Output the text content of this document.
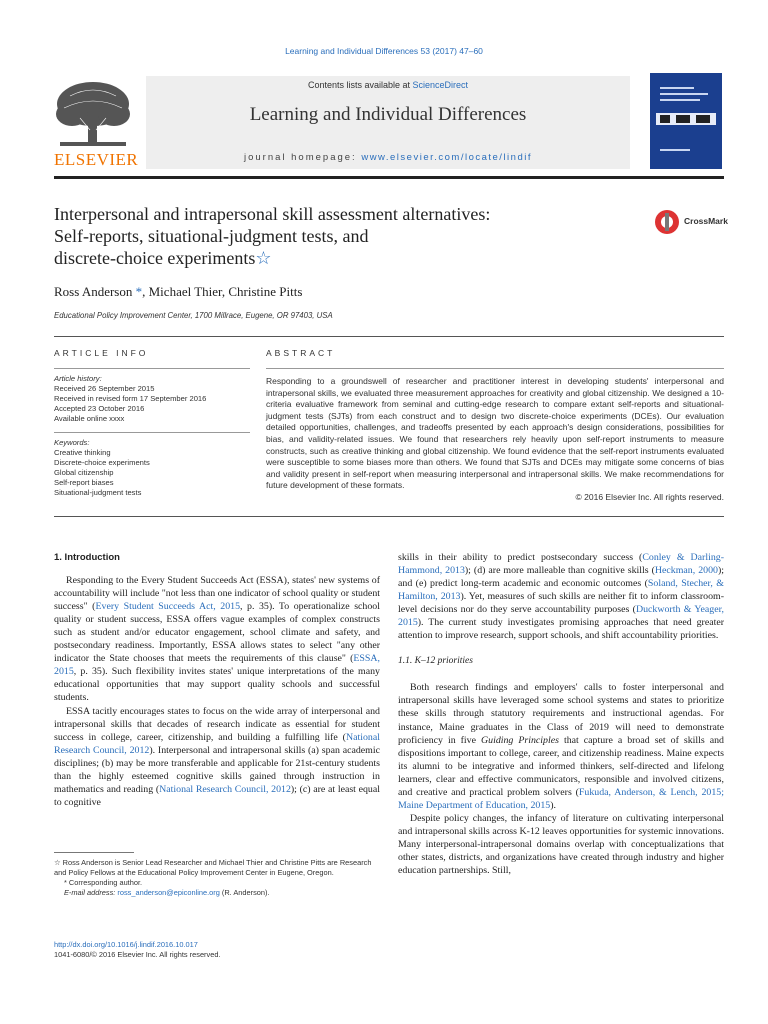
Learning and Individual Differences 53 (2017) 47–60
ELSEVIER
Contents lists available at ScienceDirect
Learning and Individual Differences
journal homepage: www.elsevier.com/locate/lindif
Interpersonal and intrapersonal skill assessment alternatives:
Self-reports, situational-judgment tests, and
discrete-choice experiments☆
CrossMark
Ross Anderson *, Michael Thier, Christine Pitts
Educational Policy Improvement Center, 1700 Millrace, Eugene, OR 97403, USA
ARTICLE INFO
Article history:
Received 26 September 2015
Received in revised form 17 September 2016
Accepted 23 October 2016
Available online xxxx
Keywords:
Creative thinking
Discrete-choice experiments
Global citizenship
Self-report biases
Situational-judgment tests
ABSTRACT
Responding to a groundswell of researcher and practitioner interest in developing students' interpersonal and intrapersonal skills, we evaluated three measurement approaches for creativity and global citizenship. We designed a 10-criteria evaluative framework from seminal and cutting-edge research to compare extant self-reports and situational-judgment tests (SJTs) from each construct and to design two discrete-choice experiments (DCEs). Our evaluation detailed opportunities, challenges, and tradeoffs presented by each approach's design considerations, possibilities for bias, and validity-related issues. We found that researchers rely heavily upon self-report instruments to measure constructs, such as creative thinking and global citizenship. We found evidence that the self-report instruments evaluated were susceptible to some biases more than others. We found that SJTs and DCEs may mitigate some concerns of bias and validity present in self-report when measuring interpersonal and intrapersonal skills. We make recommendations for future development of these formats.
© 2016 Elsevier Inc. All rights reserved.
1. Introduction

Responding to the Every Student Succeeds Act (ESSA), states' new systems of accountability will include "not less than one indicator of school quality or student success" (Every Student Succeeds Act, 2015, p. 35). To operationalize school quality or student success, ESSA offers vague examples of complex constructs such as student and/or educator engagement, school climate and safety, and postsecondary readiness. Importantly, ESSA allows states to select "any other indicator the State chooses that meets the requirements of this clause" (ESSA, 2015, p. 35). Such flexibility invites states' unique interpretations of the many educational opportunities that may support quality schools and successful students.

ESSA tacitly encourages states to focus on the wide array of interpersonal and intrapersonal skills that decades of research indicate as essential for student success in college, career, citizenship, and building a fulfilling life (National Research Council, 2012). Interpersonal and intrapersonal skills (a) span academic disciplines; (b) may be more transferable and applicable for 21st-century students than the highly esteemed cognitive skills gained through instruction in mathematics and reading (National Research Council, 2012); (c) are at least equal to cognitive

☆ Ross Anderson is Senior Lead Researcher and Michael Thier and Christine Pitts are Research and Policy Fellows at the Educational Policy Improvement Center in Eugene, Oregon.
* Corresponding author.
E-mail address: ross_anderson@epiconline.org (R. Anderson).
http://dx.doi.org/10.1016/j.lindif.2016.10.017
1041-6080/© 2016 Elsevier Inc. All rights reserved.

skills in their ability to predict postsecondary success (Conley & Darling-Hammond, 2013); (d) are more malleable than cognitive skills (Heckman, 2000); and (e) predict long-term academic and economic outcomes (Soland, Stecher, & Hamilton, 2013). Yet, measures of such skills are neither fit to inform classroom-level decisions nor do they serve accountability purposes (Duckworth & Yeager, 2015). The current study investigates promising approaches that need greater attention to improve research, support schools, and shift accountability priorities.

1.1. K–12 priorities

Both research findings and employers' calls to foster interpersonal and intrapersonal skills have leveraged some school systems and states to prioritize these skills through statutory requirements and instructional agendas. For instance, Maine graduates in the Class of 2019 will need to demonstrate proficiency in five Guiding Principles that capture a broad set of skills and dispositions important to college, career, and citizenship readiness. Maine expects its alumni to be integrative and informed thinkers, self-directed and lifelong learners, clear and effective communicators, responsible and involved citizens, and creative and practical problem solvers (Fukuda, Anderson, & Lench, 2015; Maine Department of Education, 2015).

Despite policy changes, the infancy of literature on cultivating interpersonal and intrapersonal skills across K-12 leaves opportunities for systemic innovations. Many interpersonal-intrapersonal domains overlap with conceptualizations that other states, districts, and organizations have created through industry and higher education partnerships. Still,
